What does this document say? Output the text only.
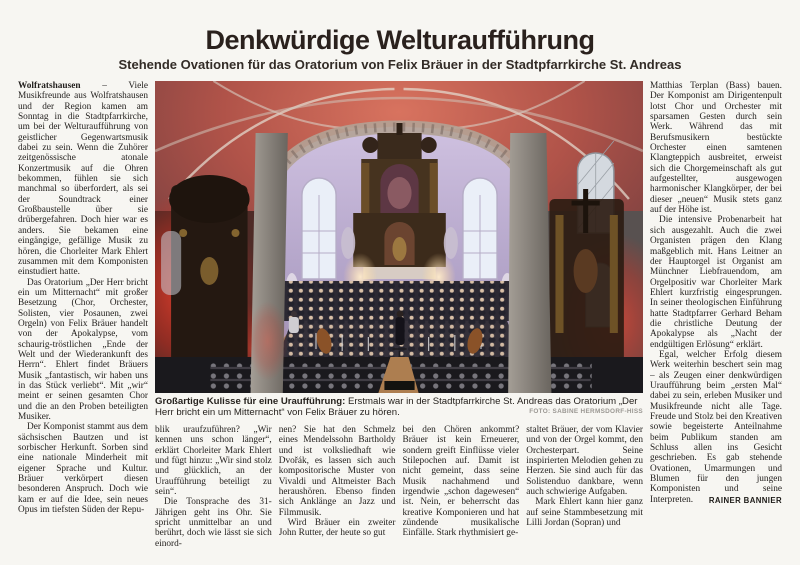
Denkwürdige Welturaufführung
Stehende Ovationen für das Oratorium von Felix Bräuer in der Stadtpfarrkirche St. Andreas

Wolfratshausen – Viele Musikfreunde aus Wolfratshausen und der Region kamen am Sonntag in die Stadtpfarrkirche, um bei der Welturaufführung von geistlicher Gegenwartsmusik dabei zu sein. Wenn die Zuhörer zeitgenössische atonale Konzertmusik auf die Ohren bekommen, fühlen sie sich manchmal so überfordert, als sei der Soundtrack einer Großbaustelle über sie drübergefahren. Doch hier war es anders. Sie bekamen eine eingängige, gefällige Musik zu hören, die Chorleiter Mark Ehlert zusammen mit dem Komponisten einstudiert hatte.

Das Oratorium „Der Herr bricht ein um Mitternacht“ mit großer Besetzung (Chor, Orchester, Solisten, vier Posaunen, zwei Orgeln) von Felix Bräuer handelt von der Apokalypse, vom schaurig-tröstlichen „Ende der Welt und der Wiederankunft des Herrn“. Ehlert findet Bräuers Musik „fantastisch, wir haben uns in das Stück verliebt“. Mit „wir“ meint er seinen gesamten Chor und die an den Proben beteiligten Musiker.

Der Komponist stammt aus dem sächsischen Bautzen und ist sorbischer Herkunft. Sorben sind eine nationale Minderheit mit eigener Sprache und Kultur. Bräuer verkörpert diesen besonderen Anspruch. Doch wie kam er auf die Idee, sein neues Opus im tiefsten Süden der Repu-

Großartige Kulisse für eine Uraufführung: Erstmals war in der Stadtpfarrkirche St. Andreas das Oratorium „Der Herr bricht ein um Mitternacht“ von Felix Bräuer zu hören.	FOTO: SABINE HERMSDORF-HISS

blik uraufzuführen? „Wir kennen uns schon länger“, erklärt Chorleiter Mark Ehlert und fügt hinzu: „Wir sind stolz und glücklich, an der Uraufführung beteiligt zu sein“.

Die Tonsprache des 31-Jährigen geht ins Ohr. Sie spricht unmittelbar an und berührt, doch wie lässt sie sich einord-

nen? Sie hat den Schmelz eines Mendelssohn Bartholdy und ist volksliedhaft wie Dvořák, es lassen sich auch kompositorische Muster von Vivaldi und Altmeister Bach heraushören. Ebenso finden sich Anklänge an Jazz und Filmmusik.

Wird Bräuer ein zweiter John Rutter, der heute so gut

bei den Chören ankommt? Bräuer ist kein Erneuerer, sondern greift Einflüsse vieler Stilepochen auf. Damit ist nicht gemeint, dass seine Musik nachahmend und irgendwie „schon dagewesen“ ist. Nein, er beherrscht das kreative Komponieren und hat zündende musikalische Einfälle. Stark rhythmisiert ge-

staltet Bräuer, der vom Klavier und von der Orgel kommt, den Orchesterpart. Seine inspirierten Melodien gehen zu Herzen. Sie sind auch für das Solistenduo dankbare, wenn auch schwierige Aufgaben.

Mark Ehlert kann hier ganz auf seine Stammbesetzung mit Lilli Jordan (Sopran) und

Matthias Terplan (Bass) bauen. Der Komponist am Dirigentenpult lotst Chor und Orchester mit sparsamen Gesten durch sein Werk. Während das mit Berufsmusikern bestückte Orchester einen samtenen Klangteppich ausbreitet, erweist sich die Chorgemeinschaft als gut aufgestellter, ausgewogen harmonischer Klangkörper, der bei dieser „neuen“ Musik stets ganz auf der Höhe ist.

Die intensive Probenarbeit hat sich ausgezahlt. Auch die zwei Organisten prägen den Klang maßgeblich mit. Hans Leitner an der Hauptorgel ist Organist am Münchner Liebfrauendom, am Orgelpositiv war Chorleiter Mark Ehlert kurzfristig eingesprungen. In seiner theologischen Einführung hatte Stadtpfarrer Gerhard Beham die christliche Deutung der Apokalypse als „Nacht der endgültigen Erlösung“ erklärt.

Egal, welcher Erfolg diesem Werk weiterhin beschert sein mag – als Zeugen einer denkwürdigen Uraufführung beim „ersten Mal“ dabei zu sein, erleben Musiker und Musikfreunde nicht alle Tage. Freude und Stolz bei den Kreativen sowie begeisterte Anteilnahme beim Publikum standen am Schluss allen ins Gesicht geschrieben. Es gab stehende Ovationen, Umarmungen und Blumen für den jungen Komponisten und seine Interpreten.	RAINER BANNIER
